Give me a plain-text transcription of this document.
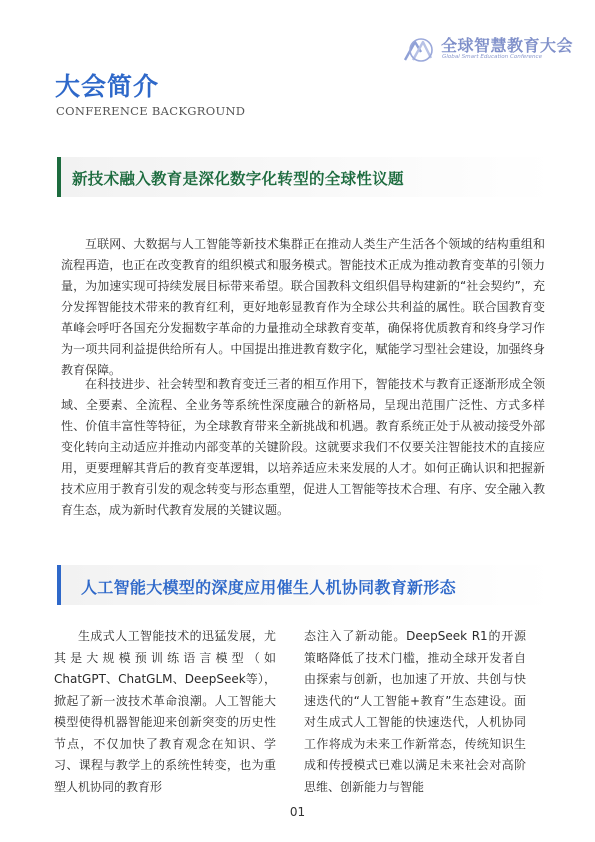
全球智慧教育大会
Global Smart Education Conference
大会简介
CONFERENCE BACKGROUND
新技术融入教育是深化数字化转型的全球性议题

互联网、大数据与人工智能等新技术集群正在推动人类生产生活各个领域的结构重组和流程再造，也正在改变教育的组织模式和服务模式。智能技术正成为推动教育变革的引领力量，为加速实现可持续发展目标带来希望。联合国教科文组织倡导构建新的“社会契约”，充分发挥智能技术带来的教育红利，更好地彰显教育作为全球公共利益的属性。联合国教育变革峰会呼吁各国充分发掘数字革命的力量推动全球教育变革，确保将优质教育和终身学习作为一项共同利益提供给所有人。中国提出推进教育数字化，赋能学习型社会建设，加强终身教育保障。

在科技进步、社会转型和教育变迁三者的相互作用下，智能技术与教育正逐渐形成全领域、全要素、全流程、全业务等系统性深度融合的新格局，呈现出范围广泛性、方式多样性、价值丰富性等特征，为全球教育带来全新挑战和机遇。教育系统正处于从被动接受外部变化转向主动适应并推动内部变革的关键阶段。这就要求我们不仅要关注智能技术的直接应用，更要理解其背后的教育变革逻辑，以培养适应未来发展的人才。如何正确认识和把握新技术应用于教育引发的观念转变与形态重塑，促进人工智能等技术合理、有序、安全融入教育生态，成为新时代教育发展的关键议题。

人工智能大模型的深度应用催生人机协同教育新形态

生成式人工智能技术的迅猛发展，尤其是大规模预训练语言模型（如ChatGPT、ChatGLM、DeepSeek等），掀起了新一波技术革命浪潮。人工智能大模型使得机器智能迎来创新突变的历史性节点，不仅加快了教育观念在知识、学习、课程与教学上的系统性转变，也为重塑人机协同的教育形

态注入了新动能。DeepSeek R1的开源策略降低了技术门槛，推动全球开发者自由探索与创新，也加速了开放、共创与快速迭代的“人工智能+教育”生态建设。面对生成式人工智能的快速迭代，人机协同工作将成为未来工作新常态，传统知识生成和传授模式已难以满足未来社会对高阶思维、创新能力与智能

01
